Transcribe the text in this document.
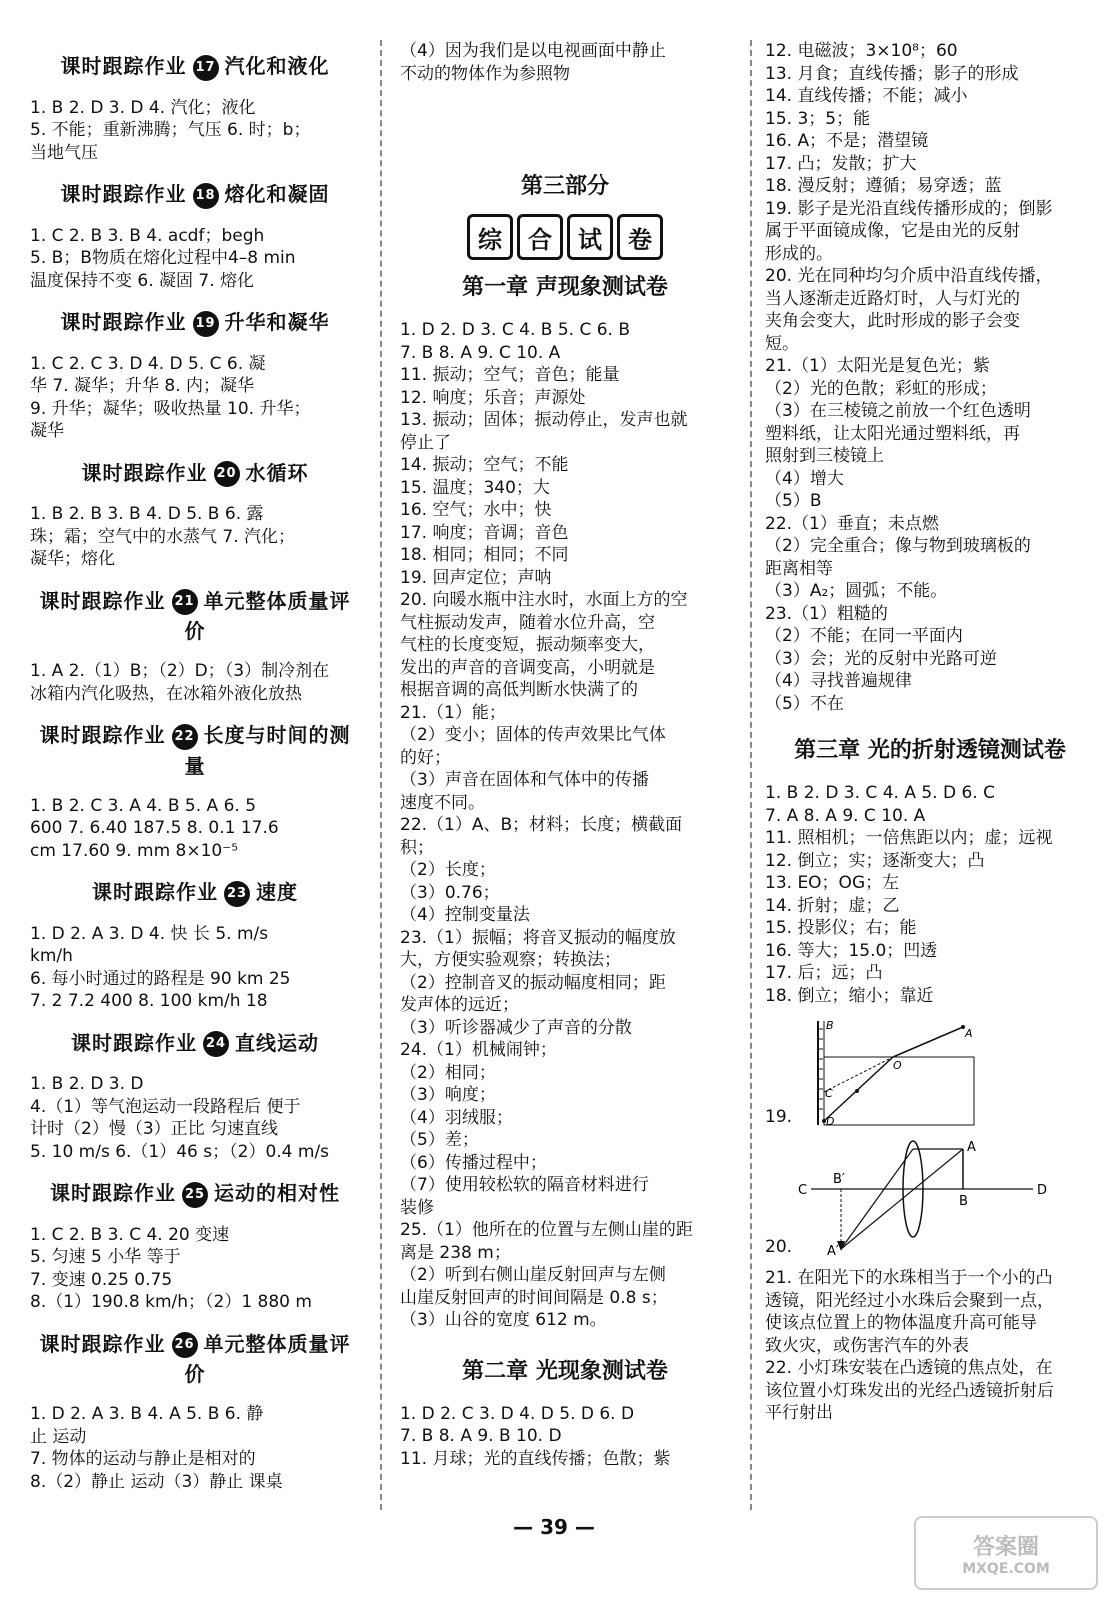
课时跟踪作业 17 汽化和液化
1. B 2. D 3. D 4. 汽化；液化
5. 不能；重新沸腾；气压 6. 时；b；
当地气压
课时跟踪作业 18 熔化和凝固
1. C 2. B 3. B 4. acdf；begh
5. B；B物质在熔化过程中4–8 min
温度保持不变 6. 凝固 7. 熔化
课时跟踪作业 19 升华和凝华
1. C 2. C 3. D 4. D 5. C 6. 凝
华 7. 凝华；升华 8. 内；凝华
9. 升华；凝华；吸收热量 10. 升华；
凝华
课时跟踪作业 20 水循环
1. B 2. B 3. B 4. D 5. B 6. 露
珠；霜；空气中的水蒸气 7. 汽化；
凝华；熔化
课时跟踪作业 21 单元整体质量评价
1. A 2.（1）B；（2）D；（3）制冷剂在
冰箱内汽化吸热，在冰箱外液化放热
课时跟踪作业 22 长度与时间的测量
1. B 2. C 3. A 4. B 5. A 6. 5
600 7. 6.40 187.5 8. 0.1 17.6
cm 17.60 9. mm 8×10⁻⁵
课时跟踪作业 23 速度
1. D 2. A 3. D 4. 快 长 5. m/s
km/h
6. 每小时通过的路程是 90 km 25
7. 2 7.2 400 8. 100 km/h 18
课时跟踪作业 24 直线运动
1. B 2. D 3. D
4.（1）等气泡运动一段路程后 便于
计时（2）慢（3）正比 匀速直线
5. 10 m/s 6.（1）46 s；（2）0.4 m/s
课时跟踪作业 25 运动的相对性
1. C 2. B 3. C 4. 20 变速
5. 匀速 5 小华 等于
7. 变速 0.25 0.75
8.（1）190.8 km/h；（2）1 880 m
课时跟踪作业 26 单元整体质量评价
1. D 2. A 3. B 4. A 5. B 6. 静
止 运动
7. 物体的运动与静止是相对的
8.（2）静止 运动（3）静止 课桌
（4）因为我们是以电视画面中静止
不动的物体作为参照物
第三部分
综	合	试	卷
第一章 声现象测试卷
1. D 2. D 3. C 4. B 5. C 6. B
7. B 8. A 9. C 10. A
11. 振动；空气；音色；能量
12. 响度；乐音；声源处
13. 振动；固体；振动停止，发声也就
停止了
14. 振动；空气；不能
15. 温度；340；大
16. 空气；水中；快
17. 响度；音调；音色
18. 相同；相同；不同
19. 回声定位；声呐
20. 向暖水瓶中注水时，水面上方的空
气柱振动发声，随着水位升高，空
气柱的长度变短，振动频率变大，
发出的声音的音调变高，小明就是
根据音调的高低判断水快满了的
21.（1）能；
（2）变小；固体的传声效果比气体
的好；
（3）声音在固体和气体中的传播
速度不同。
22.（1）A、B；材料；长度；横截面
积；
（2）长度；
（3）0.76；
（4）控制变量法
23.（1）振幅；将音叉振动的幅度放
大，方便实验观察；转换法；
（2）控制音叉的振动幅度相同；距
发声体的远近；
（3）听诊器减少了声音的分散
24.（1）机械闹钟；
（2）相同；
（3）响度；
（4）羽绒服；
（5）差；
（6）传播过程中；
（7）使用较松软的隔音材料进行
装修
25.（1）他所在的位置与左侧山崖的距
离是 238 m；
（2）听到右侧山崖反射回声与左侧
山崖反射回声的时间间隔是 0.8 s；
（3）山谷的宽度 612 m。
第二章 光现象测试卷
1. D 2. C 3. D 4. D 5. D 6. D
7. B 8. A 9. B 10. D
11. 月球；光的直线传播；色散；紫
12. 电磁波；3×10⁸；60
13. 月食；直线传播；影子的形成
14. 直线传播；不能；减小
15. 3；5；能
16. A；不是；潜望镜
17. 凸；发散；扩大
18. 漫反射；遵循；易穿透；蓝
19. 影子是光沿直线传播形成的；倒影
属于平面镜成像，它是由光的反射
形成的。
20. 光在同种均匀介质中沿直线传播，
当人逐渐走近路灯时，人与灯光的
夹角会变大，此时形成的影子会变
短。
21.（1）太阳光是复色光；紫
（2）光的色散；彩虹的形成；
（3）在三棱镜之前放一个红色透明
塑料纸，让太阳光通过塑料纸，再
照射到三棱镜上
（4）增大
（5）B
22.（1）垂直；未点燃
（2）完全重合；像与物到玻璃板的
距离相等
（3）A₂；圆弧；不能。
23.（1）粗糙的
（2）不能；在同一平面内
（3）会；光的反射中光路可逆
（4）寻找普遍规律
（5）不在
第三章 光的折射透镜测试卷
1. B 2. D 3. C 4. A 5. D 6. C
7. A 8. A 9. C 10. A
11. 照相机；一倍焦距以内；虚；远视
12. 倒立；实；逐渐变大；凸
13. EO；OG；左
14. 折射；虚；乙
15. 投影仪；右；能
16. 等大；15.0；凹透
17. 后；远；凸
18. 倒立；缩小；靠近
19.
B
A
O
C
D
20.
C	D
A
B
B′
A′
21. 在阳光下的水珠相当于一个小的凸
透镜，阳光经过小水珠后会聚到一点，
使该点位置上的物体温度升高可能导
致火灾，或伤害汽车的外表
22. 小灯珠安装在凸透镜的焦点处，在
该位置小灯珠发出的光经凸透镜折射后
平行射出
— 39 —
答案圈
MXQE.COM
